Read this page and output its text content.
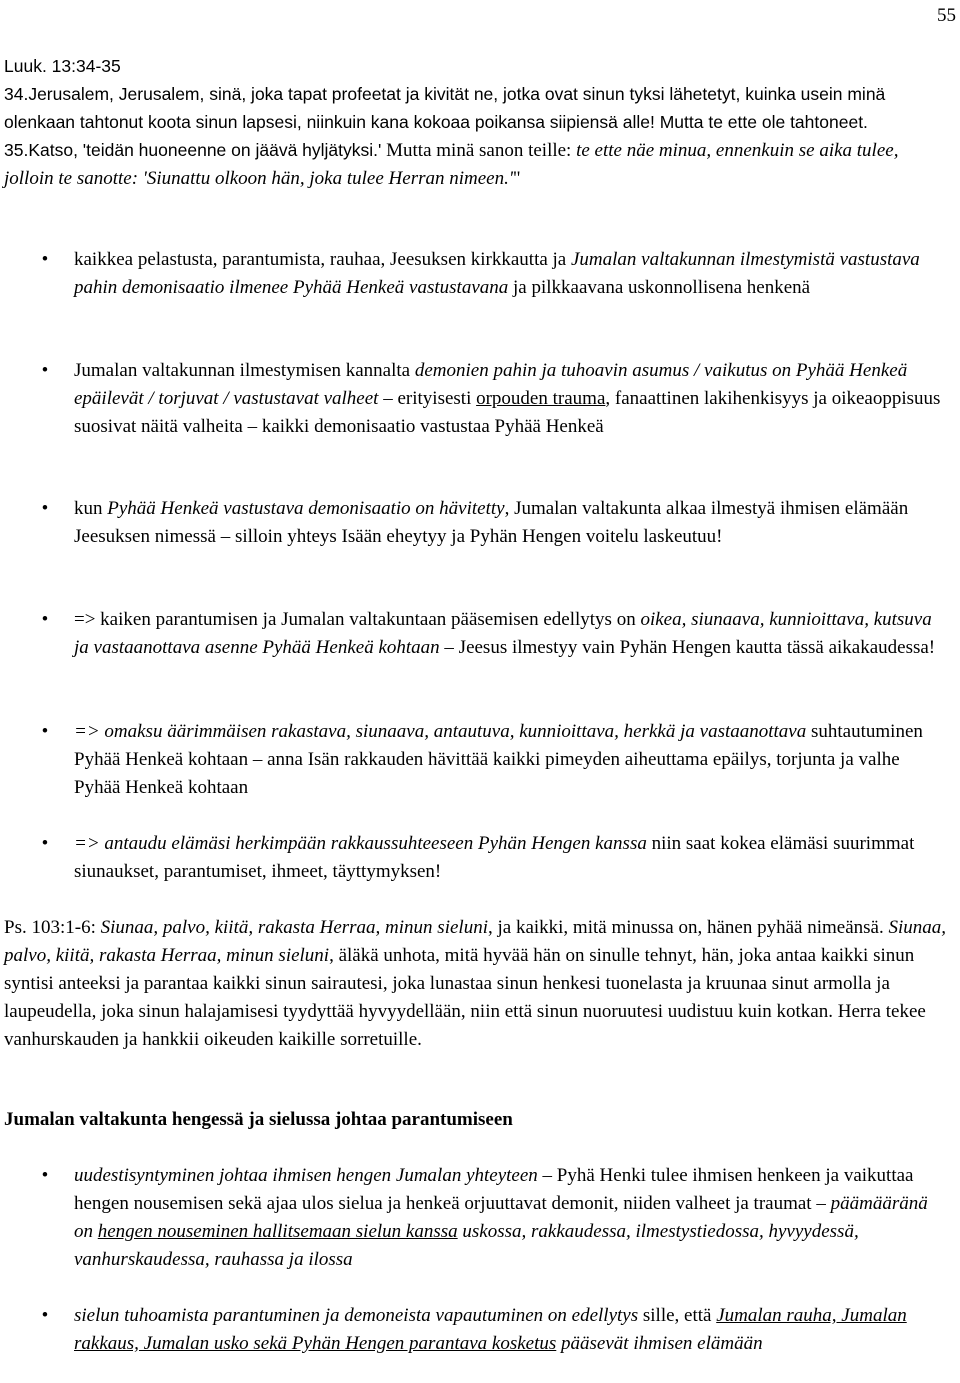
55
Luuk. 13:34-35
34.Jerusalem, Jerusalem, sinä, joka tapat profeetat ja kivität ne, jotka ovat sinun tyksi lähetetyt, kuinka usein minä olenkaan tahtonut koota sinun lapsesi, niinkuin kana kokoaa poikansa siipiensä alle! Mutta te ette ole tahtoneet.
35.Katso, 'teidän huoneenne on jäävä hyljätyksi.' Mutta minä sanon teille: te ette näe minua, ennenkuin se aika tulee, jolloin te sanotte: 'Siunattu olkoon hän, joka tulee Herran nimeen.'"
• kaikkea pelastusta, parantumista, rauhaa, Jeesuksen kirkkautta ja Jumalan valtakunnan ilmestymistä vastustava pahin demonisaatio ilmenee Pyhää Henkeä vastustavana ja pilkkaavana uskonnollisena henkenä
• Jumalan valtakunnan ilmestymisen kannalta demonien pahin ja tuhoavin asumus / vaikutus on Pyhää Henkeä epäilevät / torjuvat / vastustavat valheet – erityisesti orpouden trauma, fanaattinen lakihenkisyys ja oikeaoppisuus suosivat näitä valheita – kaikki demonisaatio vastustaa Pyhää Henkeä
• kun Pyhää Henkeä vastustava demonisaatio on hävitetty, Jumalan valtakunta alkaa ilmestyä ihmisen elämään Jeesuksen nimessä – silloin yhteys Isään eheytyy ja Pyhän Hengen voitelu laskeutuu!
• => kaiken parantumisen ja Jumalan valtakuntaan pääsemisen edellytys on oikea, siunaava, kunnioittava, kutsuva ja vastaanottava asenne Pyhää Henkeä kohtaan – Jeesus ilmestyy vain Pyhän Hengen kautta tässä aikakaudessa!
• => omaksu äärimmäisen rakastava, siunaava, antautuva, kunnioittava, herkkä ja vastaanottava suhtautuminen Pyhää Henkeä kohtaan – anna Isän rakkauden hävittää kaikki pimeyden aiheuttama epäilys, torjunta ja valhe Pyhää Henkeä kohtaan
• => antaudu elämäsi herkimpään rakkaussuhteeseen Pyhän Hengen kanssa niin saat kokea elämäsi suurimmat siunaukset, parantumiset, ihmeet, täyttymyksen!
Ps. 103:1-6: Siunaa, palvo, kiitä, rakasta Herraa, minun sieluni, ja kaikki, mitä minussa on, hänen pyhää nimeänsä. Siunaa, palvo, kiitä, rakasta Herraa, minun sieluni, äläkä unhota, mitä hyvää hän on sinulle tehnyt, hän, joka antaa kaikki sinun syntisi anteeksi ja parantaa kaikki sinun sairautesi, joka lunastaa sinun henkesi tuonelasta ja kruunaa sinut armolla ja laupeudella, joka sinun halajamisesi tyydyttää hyvyydellään, niin että sinun nuoruutesi uudistuu kuin kotkan. Herra tekee vanhurskauden ja hankkii oikeuden kaikille sorretuille.
Jumalan valtakunta hengessä ja sielussa johtaa parantumiseen
• uudestisyntyminen johtaa ihmisen hengen Jumalan yhteyteen – Pyhä Henki tulee ihmisen henkeen ja vaikuttaa hengen nousemisen sekä ajaa ulos sielua ja henkeä orjuuttavat demonit, niiden valheet ja traumat – päämääränä on hengen nouseminen hallitsemaan sielun kanssa uskossa, rakkaudessa, ilmestystiedossa, hyvyydessä, vanhurskaudessa, rauhassa ja ilossa
• sielun tuhoamista parantuminen ja demoneista vapautuminen on edellytys sille, että Jumalan rauha, Jumalan rakkaus, Jumalan usko sekä Pyhän Hengen parantava kosketus pääsevät ihmisen elämään
